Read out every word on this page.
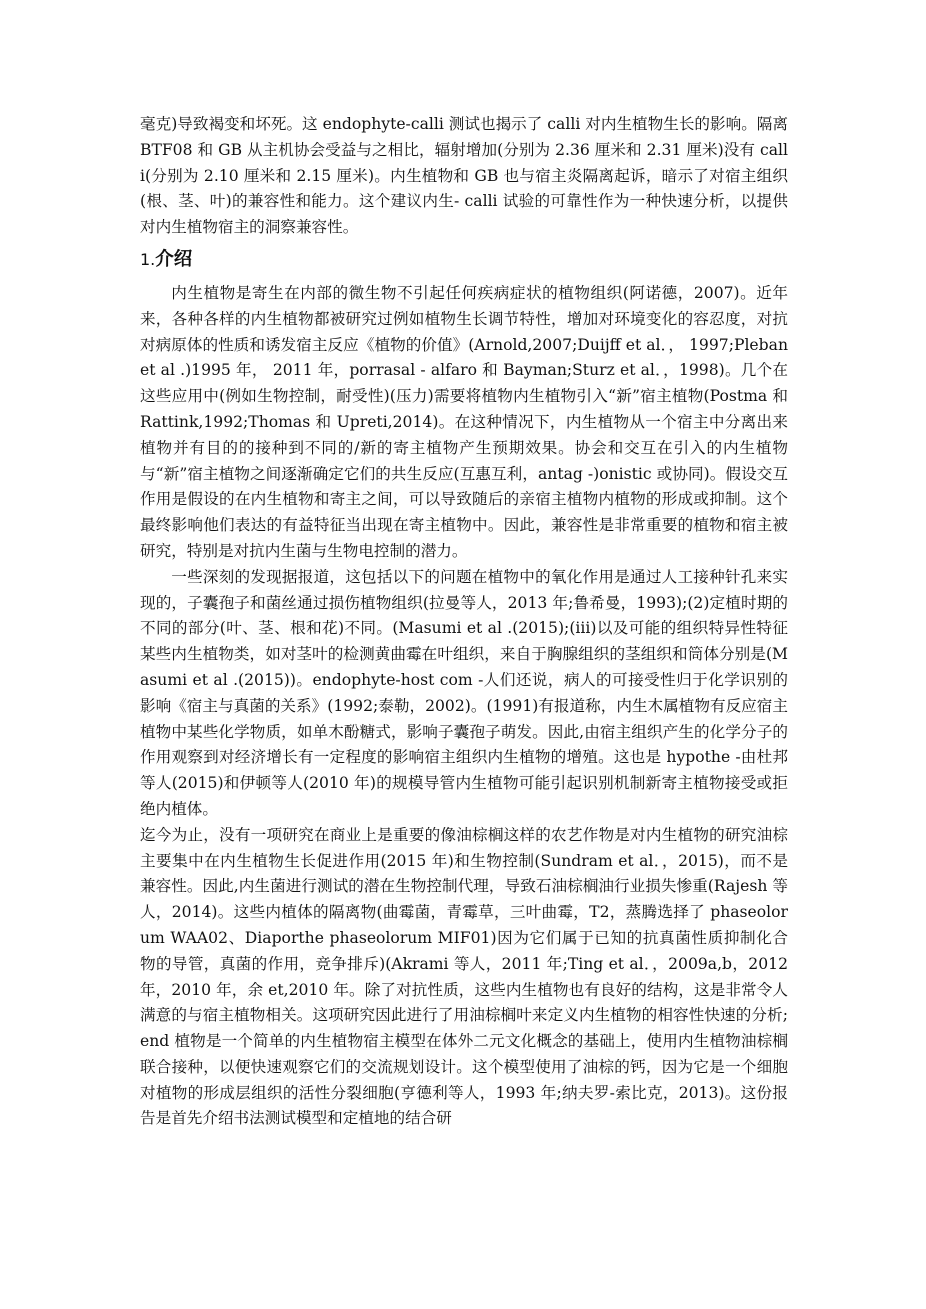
毫克)导致褐变和坏死。这 endophyte-calli 测试也揭示了 calli 对内生植物生长的影响。隔离 BTF08 和 GB 从主机协会受益与之相比，辐射增加(分别为 2.36 厘米和 2.31 厘米)没有 calli(分别为 2.10 厘米和 2.15 厘米)。内生植物和 GB 也与宿主炎隔离起诉，暗示了对宿主组织(根、茎、叶)的兼容性和能力。这个建议内生- calli 试验的可靠性作为一种快速分析，以提供对内生植物宿主的洞察兼容性。

1.介绍

内生植物是寄生在内部的微生物不引起任何疾病症状的植物组织(阿诺德，2007)。近年来，各种各样的内生植物都被研究过例如植物生长调节特性，增加对环境变化的容忍度，对抗对病原体的性质和诱发宿主反应《植物的价值》(Arnold,2007;Duijff et al．， 1997;Pleban et al .)1995 年， 2011 年，porrasal - alfaro 和 Bayman;Sturz et al．，1998)。几个在这些应用中(例如生物控制，耐受性)(压力)需要将植物内生植物引入“新”宿主植物(Postma 和 Rattink,1992;Thomas 和 Upreti,2014)。在这种情况下，内生植物从一个宿主中分离出来植物并有目的的接种到不同的/新的寄主植物产生预期效果。协会和交互在引入的内生植物与“新”宿主植物之间逐渐确定它们的共生反应(互惠互利，antag -)onistic 或协同)。假设交互作用是假设的在内生植物和寄主之间，可以导致随后的亲宿主植物内植物的形成或抑制。这个最终影响他们表达的有益特征当出现在寄主植物中。因此，兼容性是非常重要的植物和宿主被研究，特别是对抗内生菌与生物电控制的潜力。

一些深刻的发现据报道，这包括以下的问题在植物中的氧化作用是通过人工接种针孔来实现的，子囊孢子和菌丝通过损伤植物组织(拉曼等人，2013 年;鲁希曼，1993);(2)定植时期的不同的部分(叶、茎、根和花)不同。(Masumi et al .(2015);(iii)以及可能的组织特异性特征某些内生植物类，如对茎叶的检测黄曲霉在叶组织，来自于胸腺组织的茎组织和筒体分别是(Masumi et al .(2015))。endophyte-host com -人们还说，病人的可接受性归于化学识别的影响《宿主与真菌的关系》(1992;泰勒，2002)。(1991)有报道称，内生木属植物有反应宿主植物中某些化学物质，如单木酚糖式，影响子囊孢子萌发。因此,由宿主组织产生的化学分子的作用观察到对经济增长有一定程度的影响宿主组织内生植物的增殖。这也是 hypothe -由杜邦等人(2015)和伊顿等人(2010 年)的规模导管内生植物可能引起识别机制新寄主植物接受或拒绝内植体。

迄今为止，没有一项研究在商业上是重要的像油棕榈这样的农艺作物是对内生植物的研究油棕主要集中在内生植物生长促进作用(2015 年)和生物控制(Sundram et al．，2015)，而不是兼容性。因此,内生菌进行测试的潜在生物控制代理，导致石油棕榈油行业损失惨重(Rajesh 等人，2014)。这些内植体的隔离物(曲霉菌，青霉草，三叶曲霉，T2，蒸腾选择了 phaseolorum WAA02、Diaporthe phaseolorum MIF01)因为它们属于已知的抗真菌性质抑制化合物的导管，真菌的作用，竞争排斥)(Akrami 等人，2011 年;Ting et al．，2009a,b，2012 年，2010 年，余 et,2010 年。除了对抗性质，这些内生植物也有良好的结构，这是非常令人满意的与宿主植物相关。这项研究因此进行了用油棕榈叶来定义内生植物的相容性快速的分析;end 植物是一个简单的内生植物宿主模型在体外二元文化概念的基础上，使用内生植物油棕榈联合接种，以便快速观察它们的交流规划设计。这个模型使用了油棕的钙，因为它是一个细胞对植物的形成层组织的活性分裂细胞(亨德利等人，1993 年;纳夫罗-索比克，2013)。这份报告是首先介绍书法测试模型和定植地的结合研
